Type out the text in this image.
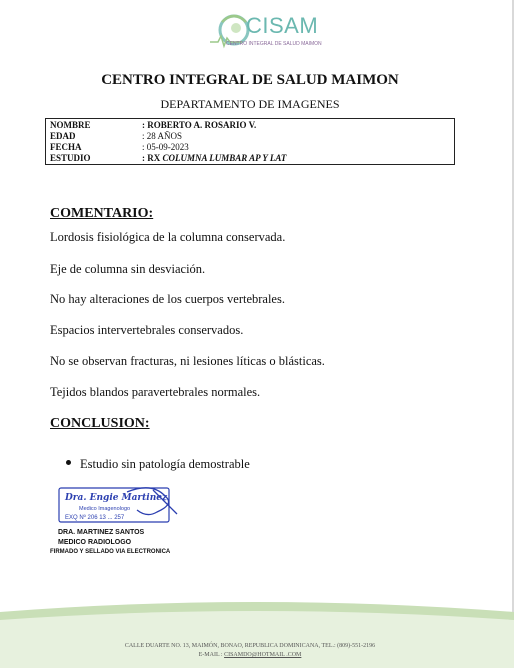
CISAM
CENTRO INTEGRAL DE SALUD MAIMON
CENTRO INTEGRAL DE SALUD MAIMON
DEPARTAMENTO DE IMAGENES
NOMBRE	: ROBERTO A. ROSARIO V.
EDAD	: 28 AÑOS
FECHA	: 05-09-2023
ESTUDIO	: RX COLUMNA LUMBAR AP Y LAT
COMENTARIO:
Lordosis fisiológica de la columna conservada.
Eje de columna sin desviación.
No hay alteraciones de los cuerpos vertebrales.
Espacios intervertebrales conservados.
No se observan fracturas, ni lesiones líticas o blásticas.
Tejidos blandos paravertebrales normales.
CONCLUSION:
Estudio sin patología demostrable
Dra. Engie Martinez
Medico Imagenologo
EXQ Nº 206 13 ... 257
DRA. MARTINEZ SANTOS
MEDICO RADIOLOGO
FIRMADO Y SELLADO VIA ELECTRONICA
CALLE DUARTE NO. 13, MAIMÓN, BONAO, REPUBLICA DOMINICANA, TEL.: (809)-551-2196
E-MAIL : CISAMDO@HOTMAIL .COM
